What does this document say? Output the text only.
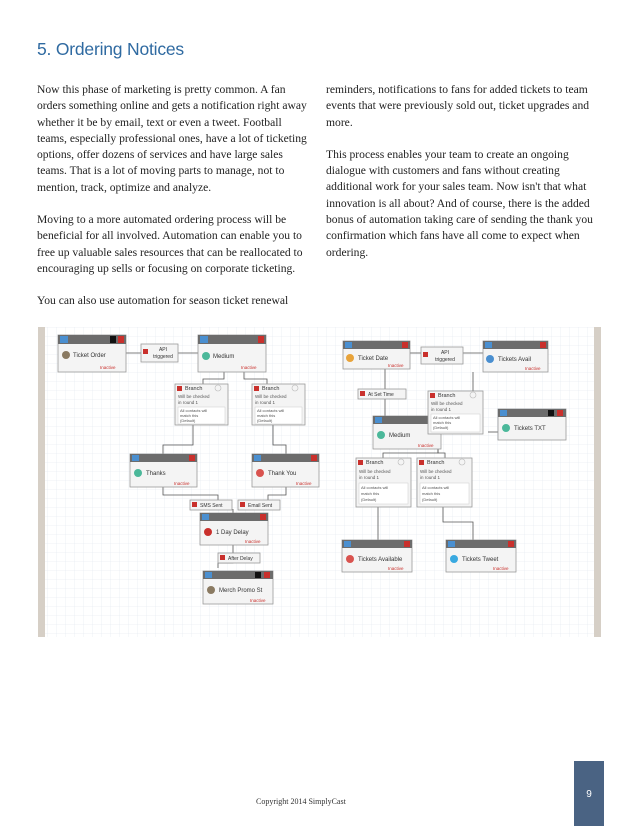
5. Ordering Notices

Now this phase of marketing is pretty common. A fan orders something online and gets a notification right away whether it be by email, text or even a tweet. Football teams, especially professional ones, have a lot of ticketing options, offer dozens of services and have large sales teams. That is a lot of moving parts to manage, not to mention, track, optimize and analyze.

Moving to a more automated ordering process will be beneficial for all involved. Automation can enable you to free up valuable sales resources that can be reallocated to encouraging up sells or focusing on corporate ticketing.

You can also use automation for season ticket renewal

reminders, notifications to fans for added tickets to team events that were previously sold out, ticket upgrades and more.

This process enables your team to create an ongoing dialogue with customers and fans without creating additional work for your sales team. Now isn't that what innovation is all about? And of course, there is the added bonus of automation taking care of sending the thank you confirmation which fans have all come to expect when ordering.

Ticket Order
Inactive
API
triggered	Medium
Inactive
Branch
Will be checked
in round 1
All contacts will
match this
(Default)
Branch
Will be checked
in round 1
All contacts will
match this
(Default)
Thanks
Inactive
Thank You
Inactive
SMS Sent	Email Sent
1 Day Delay
Inactive
After Delay
Merch Promo St
Inactive
Ticket Date
Inactive
API
triggered	Tickets Avail
Inactive
At Set Time
Medium
Inactive
Branch
Will be checked
in round 1
All contacts will
match this
(Default)	Tickets TXT
Branch
Will be checked
in round 1
All contacts will
match this
(Default)
Branch
Will be checked
in round 1
All contacts will
match this
(Default)
Tickets Available
Inactive
Tickets Tweet
Inactive
Copyright 2014 SimplyCast
9
